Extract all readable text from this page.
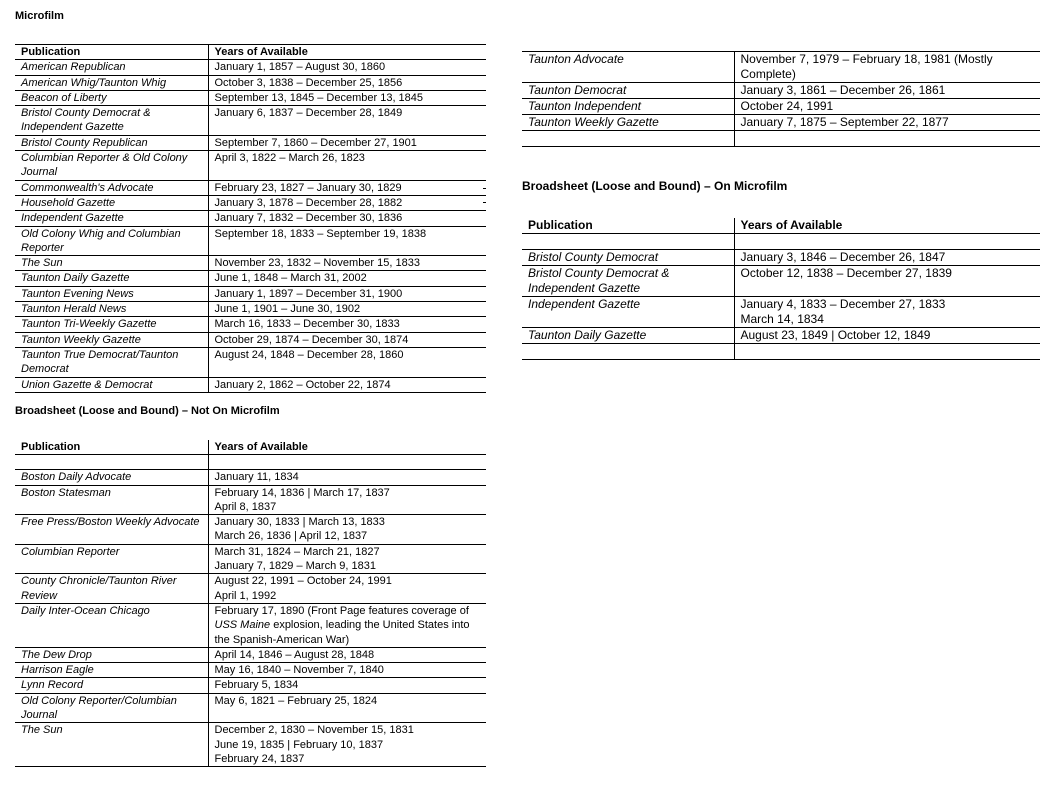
Microfilm
Broadsheet (Loose and Bound) – Not On Microfilm
Broadsheet (Loose and Bound) – On Microfilm
Publication	Years of Available
American Republican	January 1, 1857 – August 30, 1860
American Whig/Taunton Whig	October 3, 1838 – December 25, 1856
Beacon of Liberty	September 13, 1845 – December 13, 1845
Bristol County Democrat & Independent Gazette	January 6, 1837 – December 28, 1849
Bristol County Republican	September 7, 1860 – December 27, 1901
Columbian Reporter & Old Colony Journal	April 3, 1822 – March 26, 1823
Commonwealth's Advocate	February 23, 1827 – January 30, 1829
Household Gazette	January 3, 1878 – December 28, 1882
Independent Gazette	January 7, 1832 – December 30, 1836
Old Colony Whig and Columbian Reporter	September 18, 1833 – September 19, 1838
The Sun	November 23, 1832 – November 15, 1833
Taunton Daily Gazette	June 1, 1848 – March 31, 2002
Taunton Evening News	January 1, 1897 – December 31, 1900
Taunton Herald News	June 1, 1901 – June 30, 1902
Taunton Tri-Weekly Gazette	March 16, 1833 – December 30, 1833
Taunton Weekly Gazette	October 29, 1874 – December 30, 1874
Taunton True Democrat/Taunton Democrat	August 24, 1848 – December 28, 1860
Union Gazette & Democrat	January 2, 1862 – October 22, 1874
Taunton Advocate	November 7, 1979 – February 18, 1981 (Mostly Complete)
Taunton Democrat	January 3, 1861 – December 26, 1861
Taunton Independent	October 24, 1991
Taunton Weekly Gazette	January 7, 1875 – September 22, 1877

Publication	Years of Available

Boston Daily Advocate	January 11, 1834

Boston Statesman	February 14, 1836 | March 17, 1837
April 8, 1837

Free Press/Boston Weekly Advocate	January 30, 1833 | March 13, 1833
March 26, 1836 | April 12, 1837

Columbian Reporter	March 31, 1824 – March 21, 1827
January 7, 1829 – March 9, 1831

County Chronicle/Taunton River Review	August 22, 1991 – October 24, 1991
April 1, 1992

Daily Inter-Ocean Chicago	February 17, 1890 (Front Page features coverage of USS Maine explosion, leading the United States into the Spanish-American War)
The Dew Drop	April 14, 1846 – August 28, 1848

Harrison Eagle	May 16, 1840 – November 7, 1840

Lynn Record	February 5, 1834

Old Colony Reporter/Columbian Journal	May 6, 1821 – February 25, 1824

The Sun	December 2, 1830 – November 15, 1831
June 19, 1835 | February 10, 1837
February 24, 1837
Publication	Years of Available

Bristol County Democrat	January 3, 1846 – December 26, 1847

Bristol County Democrat & Independent Gazette	October 12, 1838 – December 27, 1839

Independent Gazette	January 4, 1833 – December 27, 1833
March 14, 1834

Taunton Daily Gazette	August 23, 1849 | October 12, 1849
